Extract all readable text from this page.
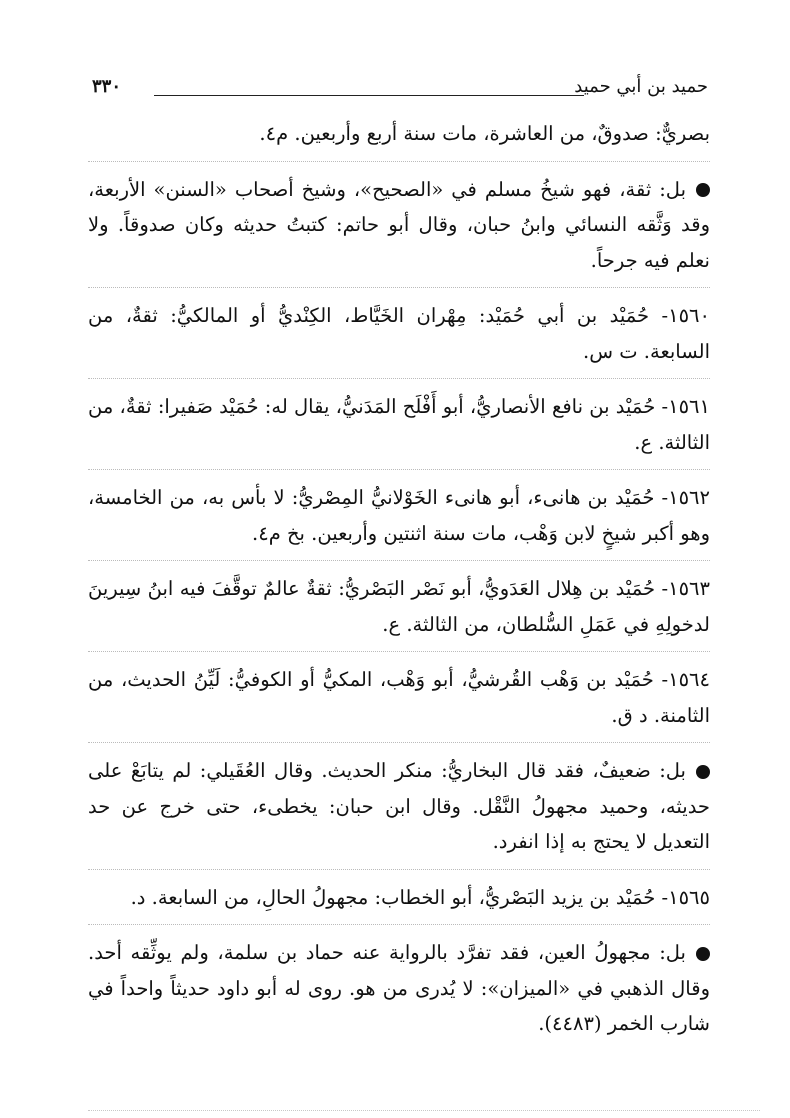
حميد بن أبي حميد
٣٣٠

بصريٌّ: صدوقٌ، من العاشرة، مات سنة أربع وأربعين. م٤.

بل: ثقة، فهو شيخُ مسلم في «الصحيح»، وشيخ أصحاب «السنن» الأربعة، وقد وَثَّقه النسائي وابنُ حبان، وقال أبو حاتم: كتبتُ حديثه وكان صدوقاً. ولا نعلم فيه جرحاً.

١٥٦٠- حُمَيْد بن أبي حُمَيْد: مِهْران الخَيَّاط، الكِنْديُّ أو المالكيُّ: ثقةٌ، من السابعة. ت س.

١٥٦١- حُمَيْد بن نافع الأنصاريُّ، أبو أَفْلَح المَدَنيُّ، يقال له: حُمَيْد صَفيرا: ثقةٌ، من الثالثة. ع.

١٥٦٢- حُمَيْد بن هانىء، أبو هانىء الخَوْلانيُّ المِصْريُّ: لا بأس به، من الخامسة، وهو أكبر شيخٍ لابن وَهْب، مات سنة اثنتين وأربعين. بخ م٤.

١٥٦٣- حُمَيْد بن هِلال العَدَويُّ، أبو نَصْر البَصْريُّ: ثقةٌ عالمٌ توقَّفَ فيه ابنُ سِيرينَ لدخولِهِ في عَمَلِ السُّلطان، من الثالثة. ع.

١٥٦٤- حُمَيْد بن وَهْب القُرشيُّ، أبو وَهْب، المكيُّ أو الكوفيُّ: لَيِّنُ الحديث، من الثامنة. د ق.

بل: ضعيفٌ، فقد قال البخاريُّ: منكر الحديث. وقال العُقَيلي: لم يتابَعْ على حديثه، وحميد مجهولُ النَّقْل. وقال ابن حبان: يخطىء، حتى خرج عن حد التعديل لا يحتج به إذا انفرد.

١٥٦٥- حُمَيْد بن يزيد البَصْريُّ، أبو الخطاب: مجهولُ الحالِ، من السابعة. د.

بل: مجهولُ العين، فقد تفرَّد بالرواية عنه حماد بن سلمة، ولم يوثِّقه أحد. وقال الذهبي في «الميزان»: لا يُدرى من هو. روى له أبو داود حديثاً واحداً في شارب الخمر (٤٤٨٣).
